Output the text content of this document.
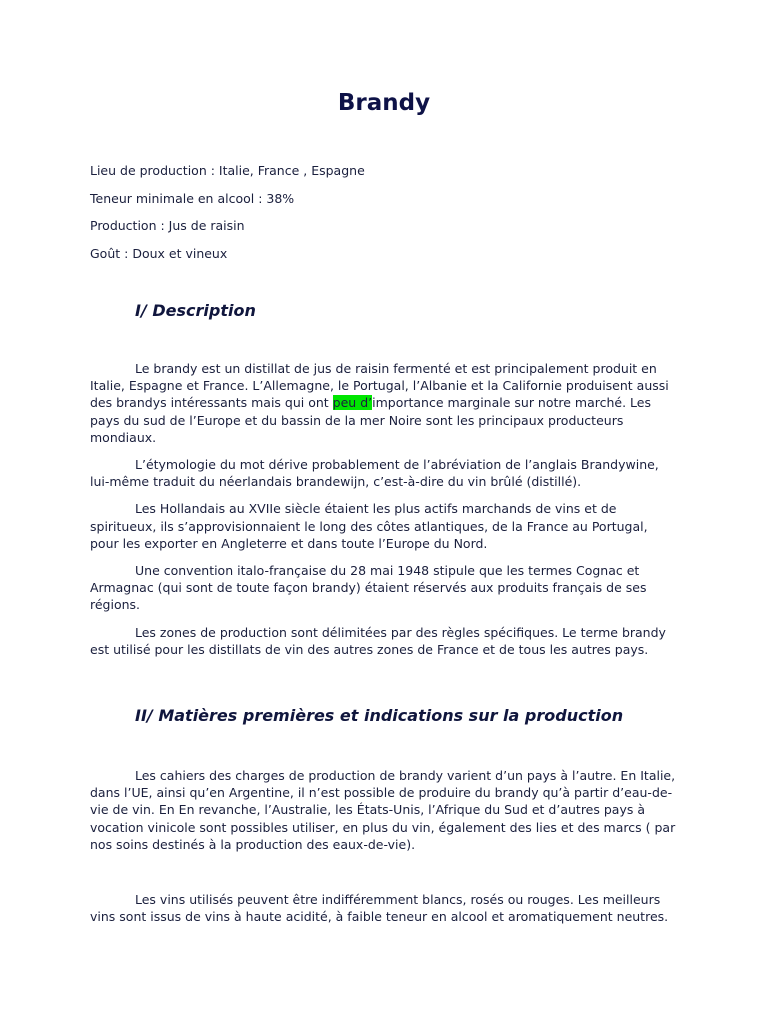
Brandy

Lieu de production : Italie, France , Espagne

Teneur minimale en alcool : 38%

Production : Jus de raisin

Goût : Doux et vineux

I/ Description

Le brandy est un distillat de jus de raisin fermenté et est principalement produit en Italie, Espagne et France. L’Allemagne, le Portugal, l’Albanie et la Californie produisent aussi des brandys intéressants mais qui ont peu d’importance marginale sur notre marché. Les pays du sud de l’Europe et du bassin de la mer Noire sont les principaux producteurs mondiaux.

L’étymologie du mot dérive probablement de l’abréviation de l’anglais Brandywine, lui-même traduit du néerlandais brandewijn, c’est-à-dire du vin brûlé (distillé).

Les Hollandais au XVIIe siècle étaient les plus actifs marchands de vins et de spiritueux, ils s’approvisionnaient le long des côtes atlantiques, de la France au Portugal, pour les exporter en Angleterre et dans toute l’Europe du Nord.

Une convention italo-française du 28 mai 1948 stipule que les termes Cognac et Armagnac (qui sont de toute façon brandy) étaient réservés aux produits français de ses régions.

Les zones de production sont délimitées par des règles spécifiques. Le terme brandy est utilisé pour les distillats de vin des autres zones de France et de tous les autres pays.

II/ Matières premières et indications sur la production

Les cahiers des charges de production de brandy varient d’un pays à l’autre. En Italie, dans l’UE, ainsi qu’en Argentine, il n’est possible de produire du brandy qu’à partir d’eau-de-vie de vin. En En revanche, l’Australie, les États-Unis, l’Afrique du Sud et d’autres pays à vocation vinicole sont possibles utiliser, en plus du vin, également des lies et des marcs ( par nos soins destinés à la production des eaux-de-vie).

Les vins utilisés peuvent être indifféremment blancs, rosés ou rouges. Les meilleurs vins sont issus de vins à haute acidité, à faible teneur en alcool et aromatiquement neutres.
